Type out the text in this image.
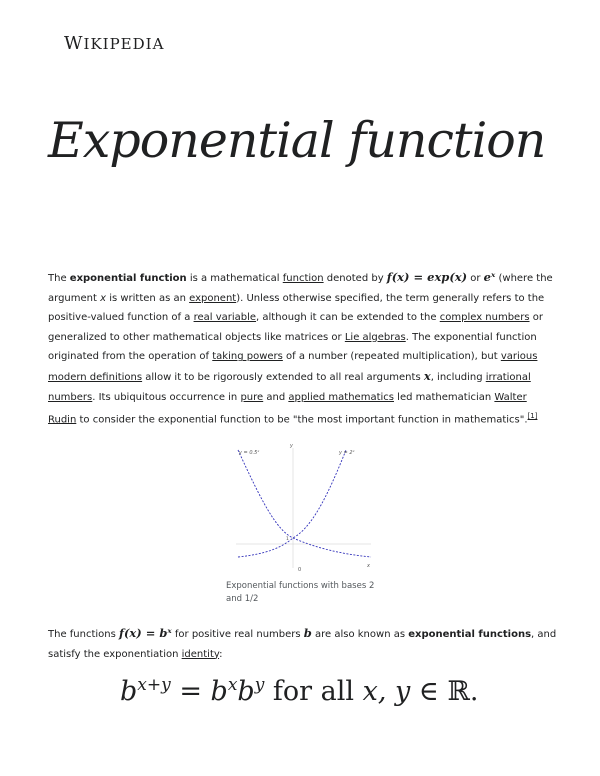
WIKIPEDIA
Exponential function
The exponential function is a mathematical function denoted by f(x) = exp(x) or eˣ (where the argument x is written as an exponent). Unless otherwise specified, the term generally refers to the positive-valued function of a real variable, although it can be extended to the complex numbers or generalized to other mathematical objects like matrices or Lie algebras. The exponential function originated from the operation of taking powers of a number (repeated multiplication), but various modern definitions allow it to be rigorously extended to all real arguments x, including irrational numbers. Its ubiquitous occurrence in pure and applied mathematics led mathematician Walter Rudin to consider the exponential function to be "the most important function in mathematics".[1]
y = 0.5ˣ	y = 2ˣ
y
x
1
0
Exponential functions with bases 2 and 1/2
The functions f(x) = bˣ for positive real numbers b are also known as exponential functions, and satisfy the exponentiation identity:
$b^{x+y} = b^xb^y$ for all x, y ∈ ℝ.
